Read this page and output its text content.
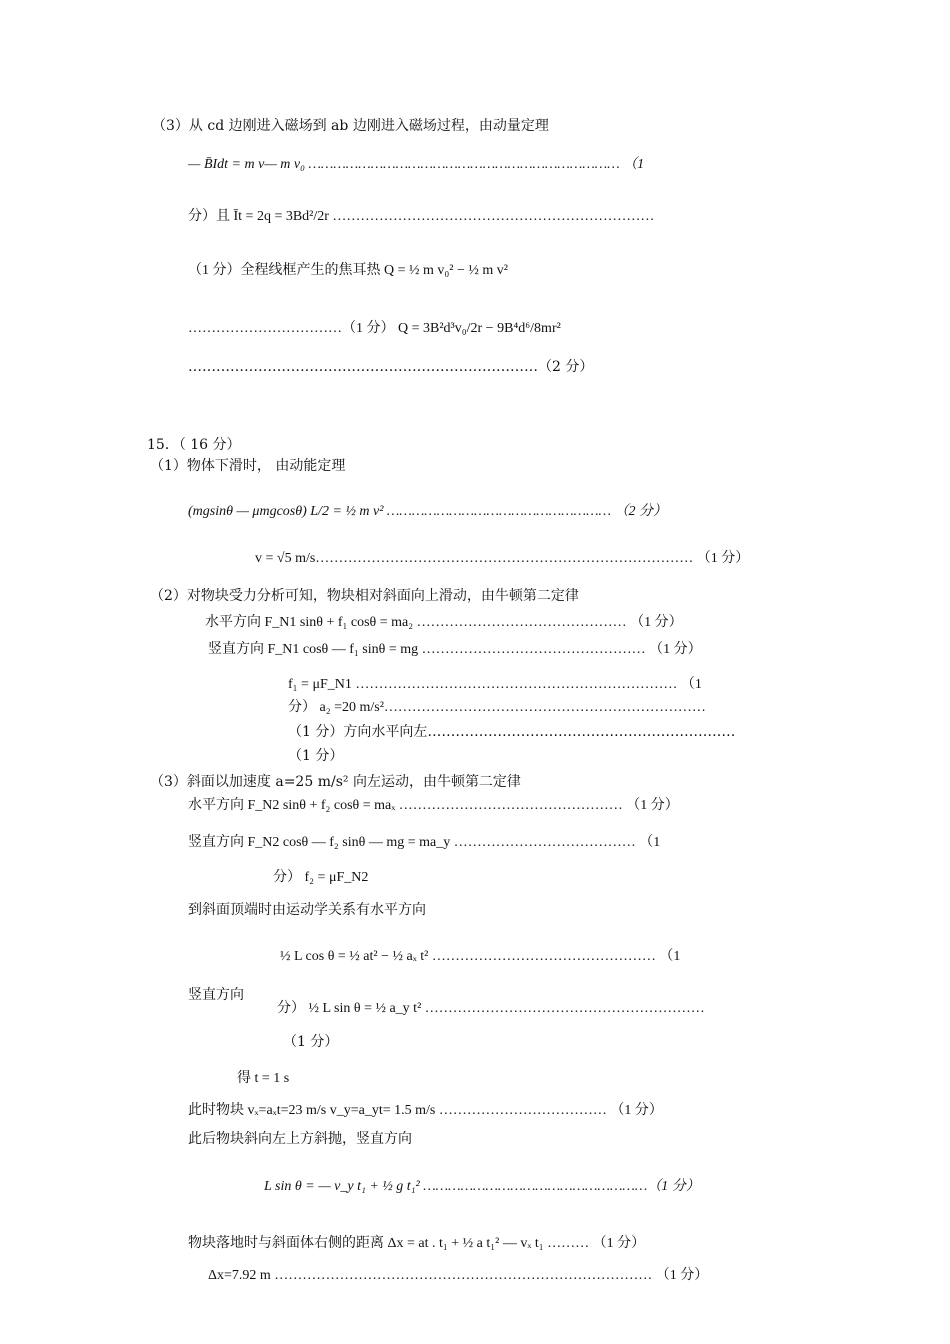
（3）从 cd 边刚进入磁场到 ab 边刚进入磁场过程，由动量定理
— B̄Idt = m v— m v₀ ………………………………………………………………… （1
分）且 Īt = 2q = 3Bd²/2r ……………………………………………………………
（1 分）全程线框产生的焦耳热 Q = ½ m v₀² − ½ m v²
……………………………（1 分） Q = 3B²d³v₀/2r − 9B⁴d⁶/8mr²
…………………………………………………………………（2 分）
15．（ 16 分）
（1）物体下滑时， 由动能定理
(mgsinθ — μmgcosθ) L/2 = ½ m v² ……………………………………………… （2 分）
v = √5 m/s……………………………………………………………………… （1 分）
（2）对物块受力分析可知，物块相对斜面向上滑动，由牛顿第二定律
水平方向 F_N1 sinθ + f₁ cosθ = ma₂ ……………………………………… （1 分）
竖直方向 F_N1 cosθ — f₁ sinθ = mg ………………………………………… （1 分）
f₁ = μF_N1 …………………………………………………………… （1
分） a₂ =20 m/s²……………………………………………………………
（1 分）方向水平向左…………………………………………………………
（1 分）
（3）斜面以加速度 a=25 m/s² 向左运动，由牛顿第二定律
水平方向 F_N2 sinθ + f₂ cosθ = maₓ ………………………………………… （1 分）
竖直方向 F_N2 cosθ — f₂ sinθ — mg = ma_y ………………………………… （1
分） f₂ = μF_N2
到斜面顶端时由运动学关系有水平方向
½ L cos θ = ½ at² − ½ aₓ t² ………………………………………… （1
竖直方向
分） ½ L sin θ = ½ a_y t² ……………………………………………………
（1 分）
得 t = 1 s
此时物块 vₓ=aₓt=23 m/s v_y=a_yt= 1.5 m/s ……………………………… （1 分）
此后物块斜向左上方斜抛，竖直方向
L sin θ = — v_y t₁ + ½ g t₁² ………………………………………………（1 分）
物块落地时与斜面体右侧的距离 Δx = at . t₁ + ½ a t₁² — vₓ t₁ ……… （1 分）
Δx=7.92 m ……………………………………………………………………… （1 分）
